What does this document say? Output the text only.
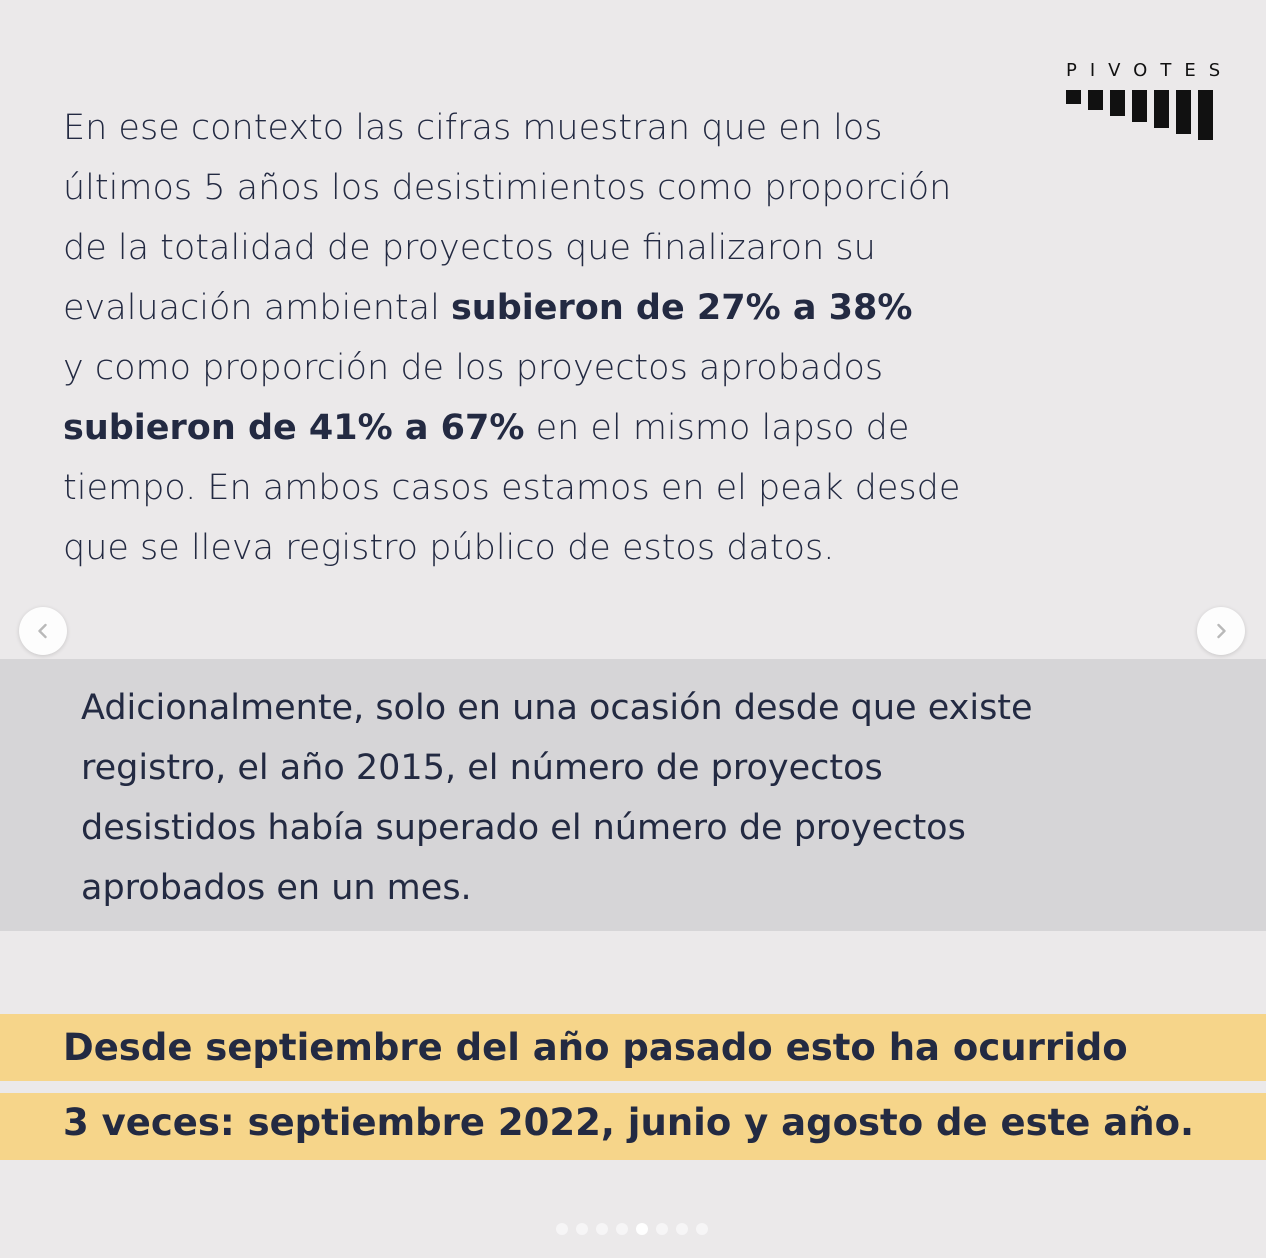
PIVOTES
En ese contexto las cifras muestran que en los
últimos 5 años los desistimientos como proporción
de la totalidad de proyectos que finalizaron su
evaluación ambiental subieron de 27% a 38%
y como proporción de los proyectos aprobados
subieron de 41% a 67% en el mismo lapso de
tiempo. En ambos casos estamos en el peak desde
que se lleva registro público de estos datos.
Adicionalmente, solo en una ocasión desde que existe
registro, el año 2015, el número de proyectos
desistidos había superado el número de proyectos
aprobados en un mes.
Desde septiembre del año pasado esto ha ocurrido
3 veces: septiembre 2022, junio y agosto de este año.
